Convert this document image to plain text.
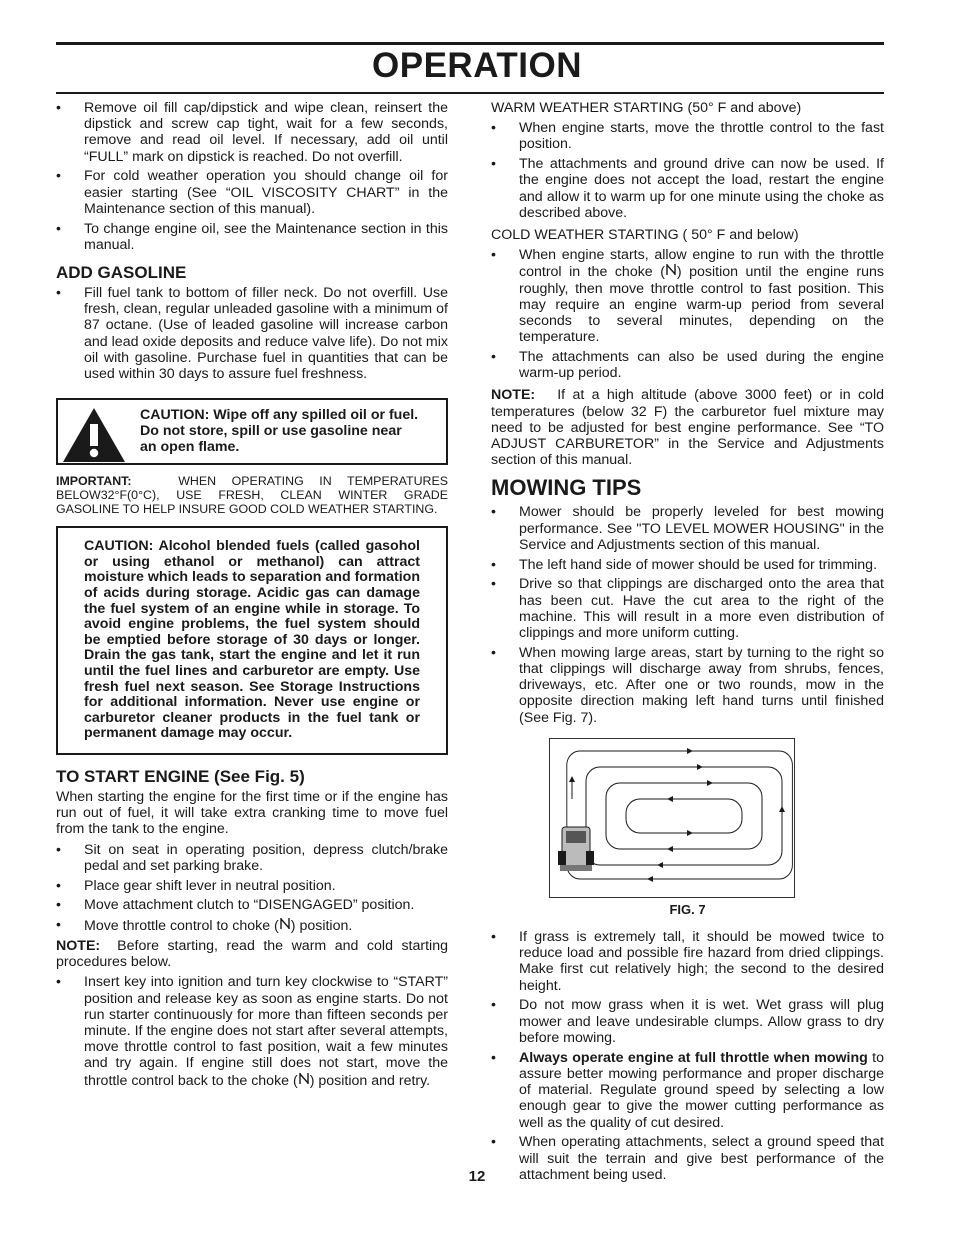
OPERATION
• Remove oil fill cap/dipstick and wipe clean, reinsert the dipstick and screw cap tight, wait for a few seconds, remove and read oil level. If necessary, add oil until “FULL” mark on dipstick is reached. Do not overfill.
• For cold weather operation you should change oil for easier starting (See “OIL VISCOSITY CHART” in the Maintenance section of this manual).
• To change engine oil, see the Maintenance section in this manual.
ADD GASOLINE
• Fill fuel tank to bottom of filler neck. Do not overfill. Use fresh, clean, regular unleaded gasoline with a minimum of 87 octane. (Use of leaded gasoline will increase carbon and lead oxide deposits and reduce valve life). Do not mix oil with gasoline. Purchase fuel in quantities that can be used within 30 days to assure fuel freshness.
CAUTION: Wipe off any spilled oil or fuel. Do not store, spill or use gasoline near an open flame.
IMPORTANT:	WHEN OPERATING IN TEMPERATURES BELOW32°F(0°C), USE FRESH, CLEAN WINTER GRADE GASOLINE TO HELP INSURE GOOD COLD WEATHER STARTING.
CAUTION: Alcohol blended fuels (called gasohol or using ethanol or methanol) can attract moisture which leads to separation and formation of acids during storage. Acidic gas can damage the fuel system of an engine while in storage. To avoid engine problems, the fuel system should be emptied before storage of 30 days or longer. Drain the gas tank, start the engine and let it run until the fuel lines and carburetor are empty. Use fresh fuel next season. See Storage Instructions for additional information. Never use engine or carburetor cleaner products in the fuel tank or permanent damage may occur.
TO START ENGINE (See Fig. 5)

When starting the engine for the first time or if the engine has run out of fuel, it will take extra cranking time to move fuel from the tank to the engine.

• Sit on seat in operating position, depress clutch/brake pedal and set parking brake.
• Place gear shift lever in neutral position.
• Move attachment clutch to “DISENGAGED” position.
• Move throttle control to choke ( ) position.

NOTE: Before starting, read the warm and cold starting procedures below.

• Insert key into ignition and turn key clockwise to “START” position and release key as soon as engine starts. Do not run starter continuously for more than fifteen seconds per minute. If the engine does not start after several attempts, move throttle control to fast position, wait a few minutes and try again. If engine still does not start, move the throttle control back to the choke ( ) position and retry.

WARM WEATHER STARTING (50° F and above)

• When engine starts, move the throttle control to the fast position.
• The attachments and ground drive can now be used. If the engine does not accept the load, restart the engine and allow it to warm up for one minute using the choke as described above.

COLD WEATHER STARTING ( 50° F and below)

• When engine starts, allow engine to run with the throttle control in the choke ( ) position until the engine runs roughly, then move throttle control to fast position. This may require an engine warm-up period from several seconds to several minutes, depending on the temperature.
• The attachments can also be used during the engine warm-up period.

NOTE: If at a high altitude (above 3000 feet) or in cold temperatures (below 32 F) the carburetor fuel mixture may need to be adjusted for best engine performance. See “TO ADJUST CARBURETOR” in the Service and Adjustments section of this manual.

MOWING TIPS
• Mower should be properly leveled for best mowing performance. See "TO LEVEL MOWER HOUSING" in the Service and Adjustments section of this manual.
• The left hand side of mower should be used for trimming.
• Drive so that clippings are discharged onto the area that has been cut. Have the cut area to the right of the machine. This will result in a more even distribution of clippings and more uniform cutting.
• When mowing large areas, start by turning to the right so that clippings will discharge away from shrubs, fences, driveways, etc. After one or two rounds, mow in the opposite direction making left hand turns until finished (See Fig. 7).
FIG. 7
• If grass is extremely tall, it should be mowed twice to reduce load and possible fire hazard from dried clippings. Make first cut relatively high; the second to the desired height.
• Do not mow grass when it is wet. Wet grass will plug mower and leave undesirable clumps. Allow grass to dry before mowing.
• Always operate engine at full throttle when mowing to assure better mowing performance and proper discharge of material. Regulate ground speed by selecting a low enough gear to give the mower cutting performance as well as the quality of cut desired.
• When operating attachments, select a ground speed that will suit the terrain and give best performance of the attachment being used.
12
